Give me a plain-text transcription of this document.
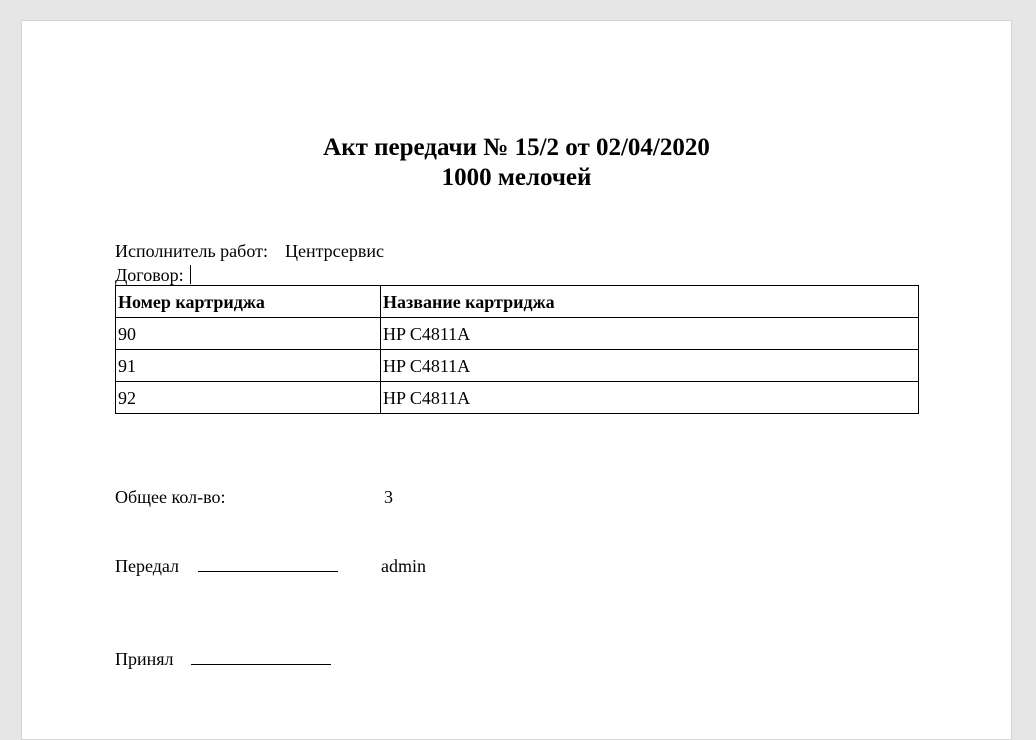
Акт передачи № 15/2 от 02/04/2020
1000 мелочей
Исполнитель работ: Центрсервис
Договор:
Номер картриджа	Название картриджа
90	HP C4811A
91	HP C4811A
92	HP C4811A
Общее кол-во:	3
Передал	admin
Принял
